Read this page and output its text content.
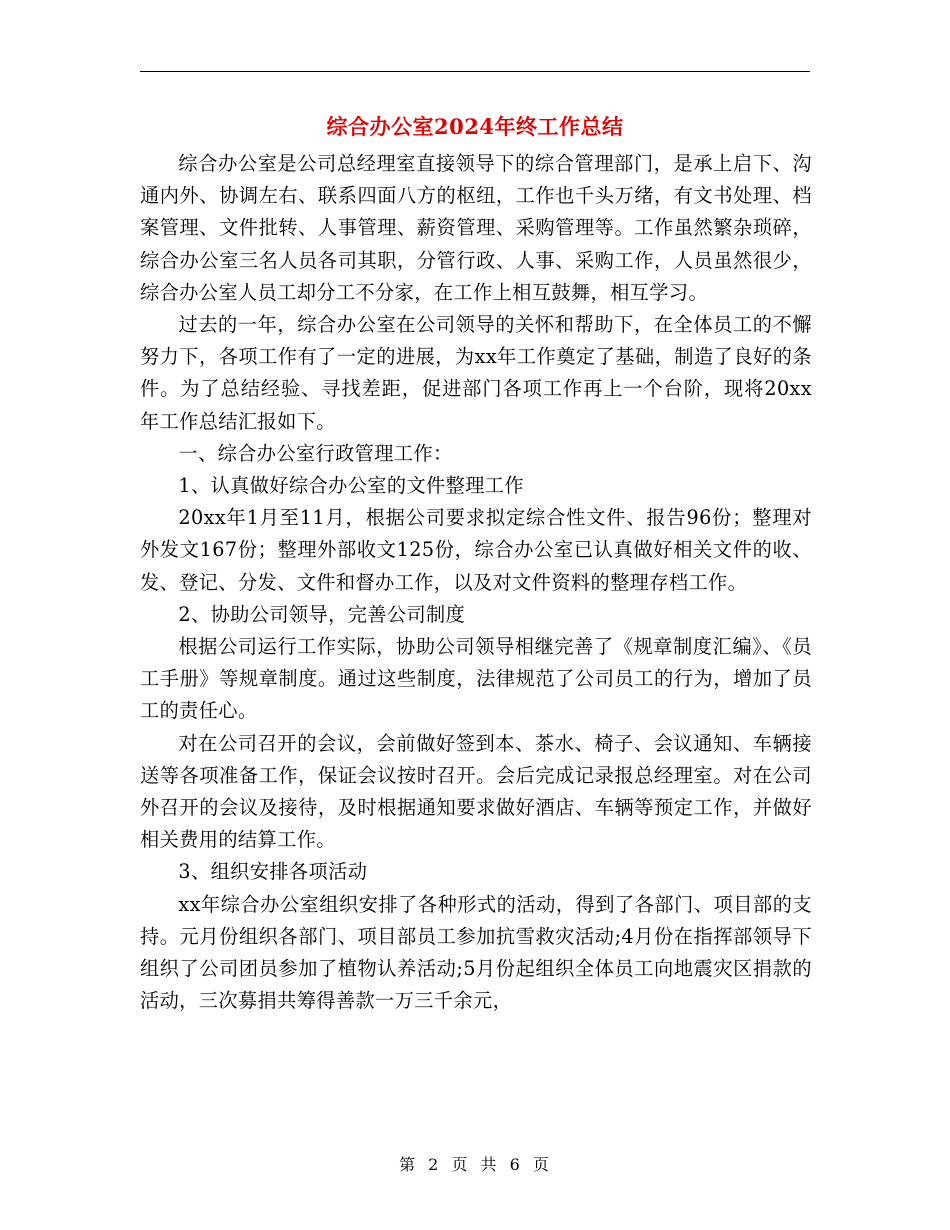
综合办公室2024年终工作总结

综合办公室是公司总经理室直接领导下的综合管理部门，是承上启下、沟通内外、协调左右、联系四面八方的枢纽，工作也千头万绪，有文书处理、档案管理、文件批转、人事管理、薪资管理、采购管理等。工作虽然繁杂琐碎，综合办公室三名人员各司其职，分管行政、人事、采购工作，人员虽然很少，综合办公室人员工却分工不分家，在工作上相互鼓舞，相互学习。

过去的一年，综合办公室在公司领导的关怀和帮助下，在全体员工的不懈努力下，各项工作有了一定的进展，为xx年工作奠定了基础，制造了良好的条件。为了总结经验、寻找差距，促进部门各项工作再上一个台阶，现将20xx年工作总结汇报如下。

一、综合办公室行政管理工作：

1、认真做好综合办公室的文件整理工作

20xx年1月至11月，根据公司要求拟定综合性文件、报告96份；整理对外发文167份；整理外部收文125份，综合办公室已认真做好相关文件的收、发、登记、分发、文件和督办工作，以及对文件资料的整理存档工作。

2、协助公司领导，完善公司制度

根据公司运行工作实际，协助公司领导相继完善了《规章制度汇编》、《员工手册》等规章制度。通过这些制度，法律规范了公司员工的行为，增加了员工的责任心。

对在公司召开的会议，会前做好签到本、茶水、椅子、会议通知、车辆接送等各项准备工作，保证会议按时召开。会后完成记录报总经理室。对在公司外召开的会议及接待，及时根据通知要求做好酒店、车辆等预定工作，并做好相关费用的结算工作。

3、组织安排各项活动

xx年综合办公室组织安排了各种形式的活动，得到了各部门、项目部的支持。元月份组织各部门、项目部员工参加抗雪救灾活动;4月份在指挥部领导下组织了公司团员参加了植物认养活动;5月份起组织全体员工向地震灾区捐款的活动，三次募捐共筹得善款一万三千余元，

第 2 页 共 6 页
